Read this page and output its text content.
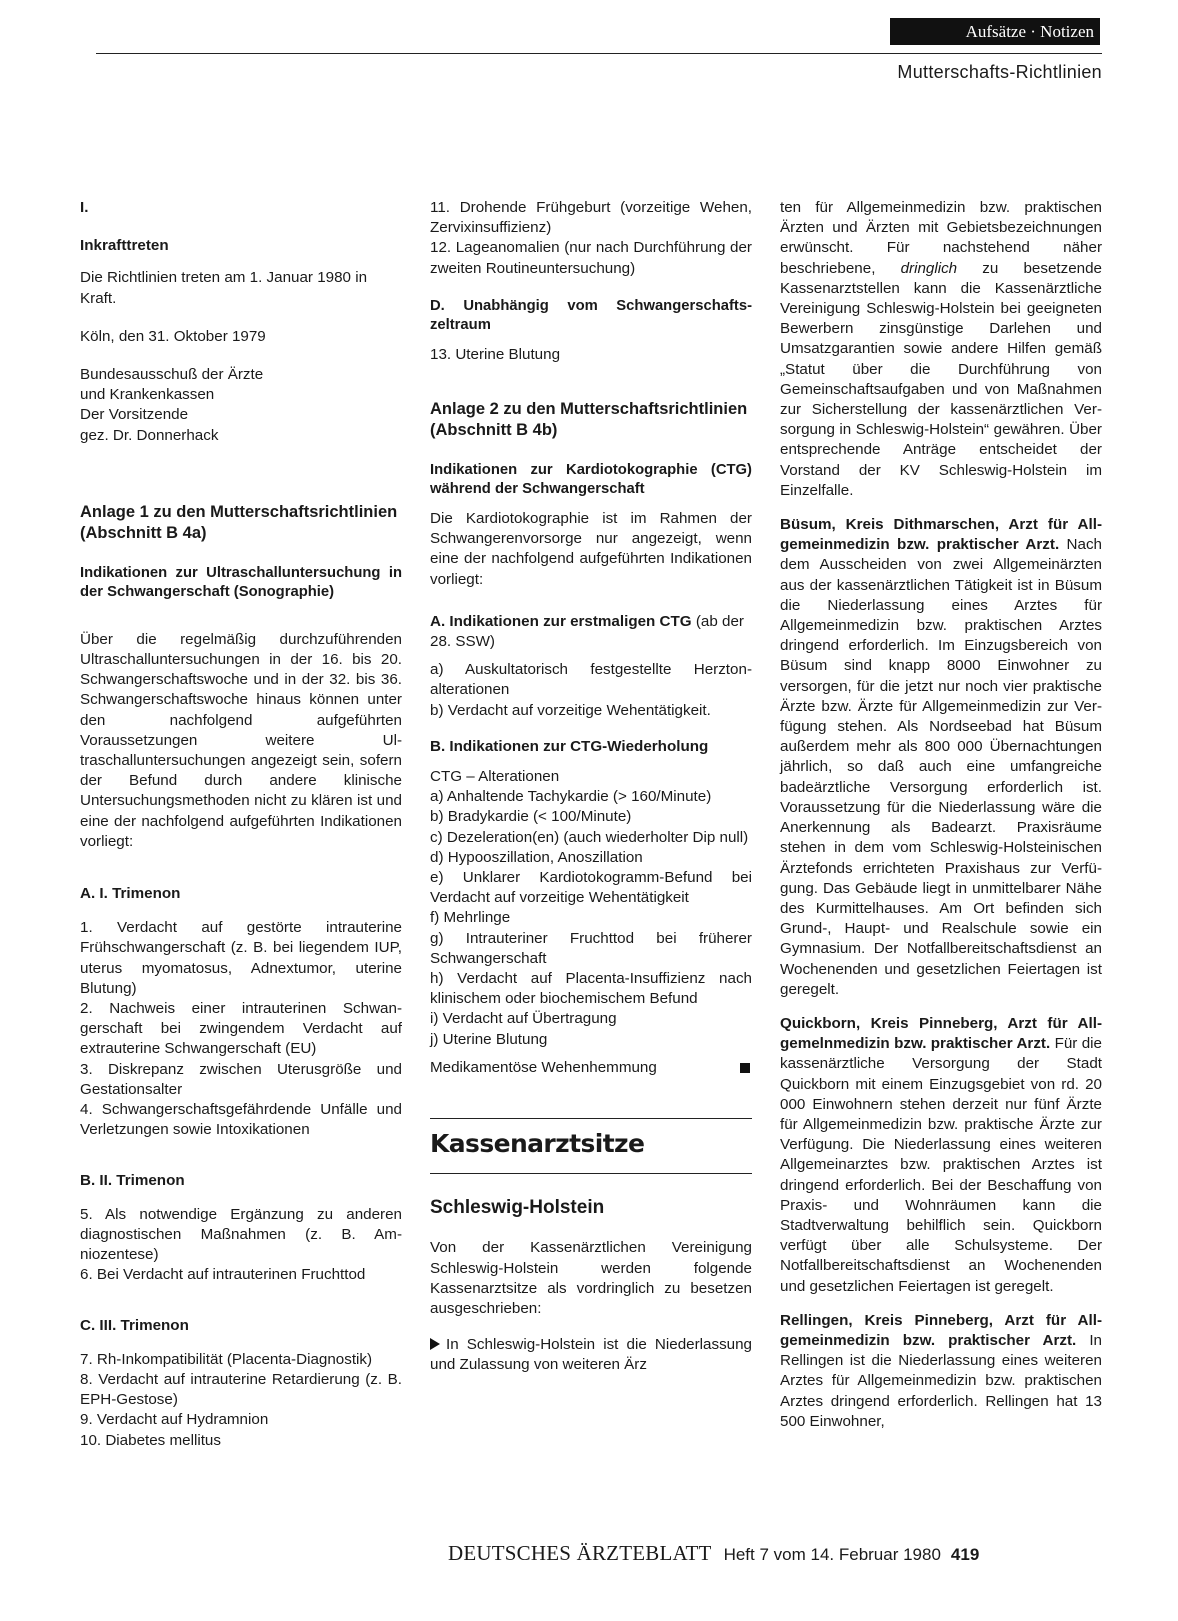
Aufsätze · Notizen
Mutterschafts-Richtlinien
I.
Inkrafttreten

Die Richtlinien treten am 1. Januar 1980 in Kraft.

Köln, den 31. Oktober 1979

Bundesausschuß der Ärzte
und Krankenkassen
Der Vorsitzende
gez. Dr. Donnerhack
Anlage 1 zu den Mutterschaftsrichtlinien (Abschnitt B 4a)
Indikationen zur Ultraschalluntersuchung in der Schwangerschaft (Sonographie)

Über die regelmäßig durchzuführenden Ultraschalluntersuchungen in der 16. bis 20. Schwangerschaftswoche und in der 32. bis 36. Schwangerschaftswoche hinaus können unter den nachfolgend aufgeführten Voraussetzungen weitere Ultraschalluntersuchungen angezeigt sein, sofern der Befund durch andere klinische Untersuchungsmethoden nicht zu klären ist und eine der nachfolgend aufgeführten Indikationen vorliegt:

A. I. Trimenon

1. Verdacht auf gestörte intrauterine Frühschwangerschaft (z. B. bei liegendem IUP, uterus myomatosus, Adnextumor, uterine Blutung)

2. Nachweis einer intrauterinen Schwangerschaft bei zwingendem Verdacht auf extrauterine Schwangerschaft (EU)

3. Diskrepanz zwischen Uterusgröße und Gestationsalter

4. Schwangerschaftsgefährdende Unfälle und Verletzungen sowie Intoxikationen

B. II. Trimenon

5. Als notwendige Ergänzung zu anderen diagnostischen Maßnahmen (z. B. Amniozentese)

6. Bei Verdacht auf intrauterinen Fruchttod

C. III. Trimenon

7. Rh-Inkompatibilität (Placenta-Diagnostik)

8. Verdacht auf intrauterine Retardierung (z. B. EPH-Gestose)

9. Verdacht auf Hydramnion

10. Diabetes mellitus

11. Drohende Frühgeburt (vorzeitige Wehen, Zervixinsuffizienz)

12. Lageanomalien (nur nach Durchführung der zweiten Routineuntersuchung)

D. Unabhängig vom Schwangerschaftszeltraum

13. Uterine Blutung

Anlage 2 zu den Mutterschaftsrichtlinien (Abschnitt B 4b)
Indikationen zur Kardiotokographie (CTG) während der Schwangerschaft

Die Kardiotokographie ist im Rahmen der Schwangerenvorsorge nur angezeigt, wenn eine der nachfolgend aufgeführten Indikationen vorliegt:

A. Indikationen zur erstmaligen CTG (ab der 28. SSW)

a) Auskultatorisch festgestellte Herztonalterationen

b) Verdacht auf vorzeitige Wehentätigkeit.

B. Indikationen zur CTG-Wiederholung

CTG – Alterationen

a) Anhaltende Tachykardie (> 160/Minute)

b) Bradykardie (< 100/Minute)

c) Dezeleration(en) (auch wiederholter Dip null)

d) Hypooszillation, Anoszillation

e) Unklarer Kardiotokogramm-Befund bei Verdacht auf vorzeitige Wehentätigkeit

f) Mehrlinge

g) Intrauteriner Fruchttod bei früherer Schwangerschaft

h) Verdacht auf Placenta-Insuffizienz nach klinischem oder biochemischem Befund

i) Verdacht auf Übertragung

j) Uterine Blutung

Medikamentöse Wehenhemmung
Kassenarztsitze
Schleswig-Holstein

Von der Kassenärztlichen Vereinigung Schleswig-Holstein werden folgende Kassenarztsitze als vordringlich zu besetzen ausgeschrieben:

In Schleswig-Holstein ist die Niederlassung und Zulassung von weiteren Ärz

ten für Allgemeinmedizin bzw. praktischen Ärzten und Ärzten mit Gebietsbezeichnungen erwünscht. Für nachstehend näher beschriebene, dringlich zu besetzende Kassenarztstellen kann die Kassenärztliche Vereinigung Schleswig-Holstein bei geeigneten Bewerbern zinsgünstige Darlehen und Umsatzgarantien sowie andere Hilfen gemäß „Statut über die Durchführung von Gemeinschaftsaufgaben und von Maßnahmen zur Sicherstellung der kassenärztlichen Versorgung in Schleswig-Holstein“ gewähren. Über entsprechende Anträge entscheidet der Vorstand der KV Schleswig-Holstein im Einzelfalle.

Büsum, Kreis Dithmarschen, Arzt für Allgemeinmedizin bzw. praktischer Arzt. Nach dem Ausscheiden von zwei Allgemeinärzten aus der kassenärztlichen Tätigkeit ist in Büsum die Niederlassung eines Arztes für Allgemeinmedizin bzw. praktischen Arztes dringend erforderlich. Im Einzugsbereich von Büsum sind knapp 8000 Einwohner zu versorgen, für die jetzt nur noch vier praktische Ärzte bzw. Ärzte für Allgemeinmedizin zur Verfügung stehen. Als Nordseebad hat Büsum außerdem mehr als 800 000 Übernachtungen jährlich, so daß auch eine umfangreiche badeärztliche Versorgung erforderlich ist. Voraussetzung für die Niederlassung wäre die Anerkennung als Badearzt. Praxisräume stehen in dem vom Schleswig-Holsteinischen Ärztefonds errichteten Praxishaus zur Verfügung. Das Gebäude liegt in unmittelbarer Nähe des Kurmittelhauses. Am Ort befinden sich Grund-, Haupt- und Realschule sowie ein Gymnasium. Der Notfallbereitschaftsdienst an Wochenenden und gesetzlichen Feiertagen ist geregelt.

Quickborn, Kreis Pinneberg, Arzt für Allgemelnmedizin bzw. praktischer Arzt. Für die kassenärztliche Versorgung der Stadt Quickborn mit einem Einzugsgebiet von rd. 20 000 Einwohnern stehen derzeit nur fünf Ärzte für Allgemeinmedizin bzw. praktische Ärzte zur Verfügung. Die Niederlassung eines weiteren Allgemeinarztes bzw. praktischen Arztes ist dringend erforderlich. Bei der Beschaffung von Praxis- und Wohnräumen kann die Stadtverwaltung behilflich sein. Quickborn verfügt über alle Schulsysteme. Der Notfallbereitschaftsdienst an Wochenenden und gesetzlichen Feiertagen ist geregelt.

Rellingen, Kreis Pinneberg, Arzt für Allgemeinmedizin bzw. praktischer Arzt. In Rellingen ist die Niederlassung eines weiteren Arztes für Allgemeinmedizin bzw. praktischen Arztes dringend erforderlich. Rellingen hat 13 500 Einwohner,

DEUTSCHES ÄRZTEBLATT Heft 7 vom 14. Februar 1980 419
